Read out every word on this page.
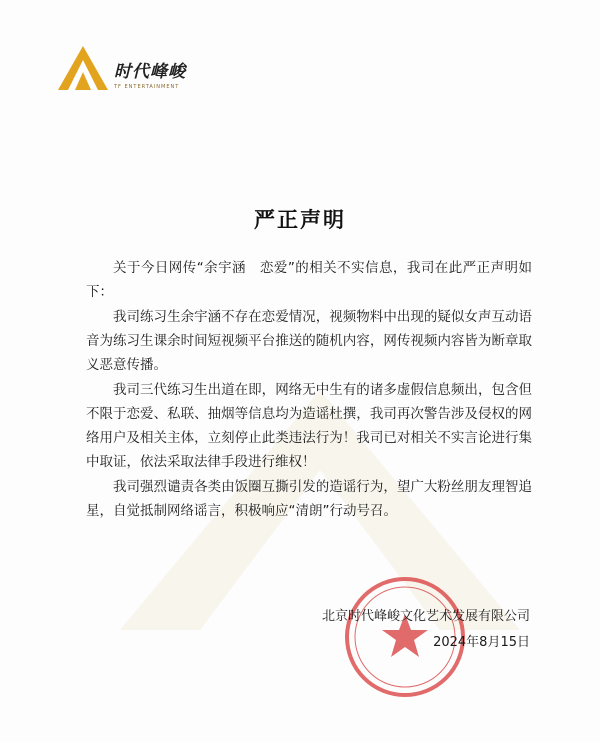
时代峰峻
TF ENTERTAINMENT
严正声明

关于今日网传“余宇涵　恋爱”的相关不实信息，我司在此严正声明如下：

我司练习生余宇涵不存在恋爱情况，视频物料中出现的疑似女声互动语音为练习生课余时间短视频平台推送的随机内容，网传视频内容皆为断章取义恶意传播。

我司三代练习生出道在即，网络无中生有的诸多虚假信息频出，包含但不限于恋爱、私联、抽烟等信息均为造谣杜撰，我司再次警告涉及侵权的网络用户及相关主体，立刻停止此类违法行为！我司已对相关不实言论进行集中取证，依法采取法律手段进行维权！

我司强烈谴责各类由饭圈互撕引发的造谣行为，望广大粉丝朋友理智追星，自觉抵制网络谣言，积极响应“清朗”行动号召。

北京时代峰峻文化艺术发展有限公司
2024年8月15日
